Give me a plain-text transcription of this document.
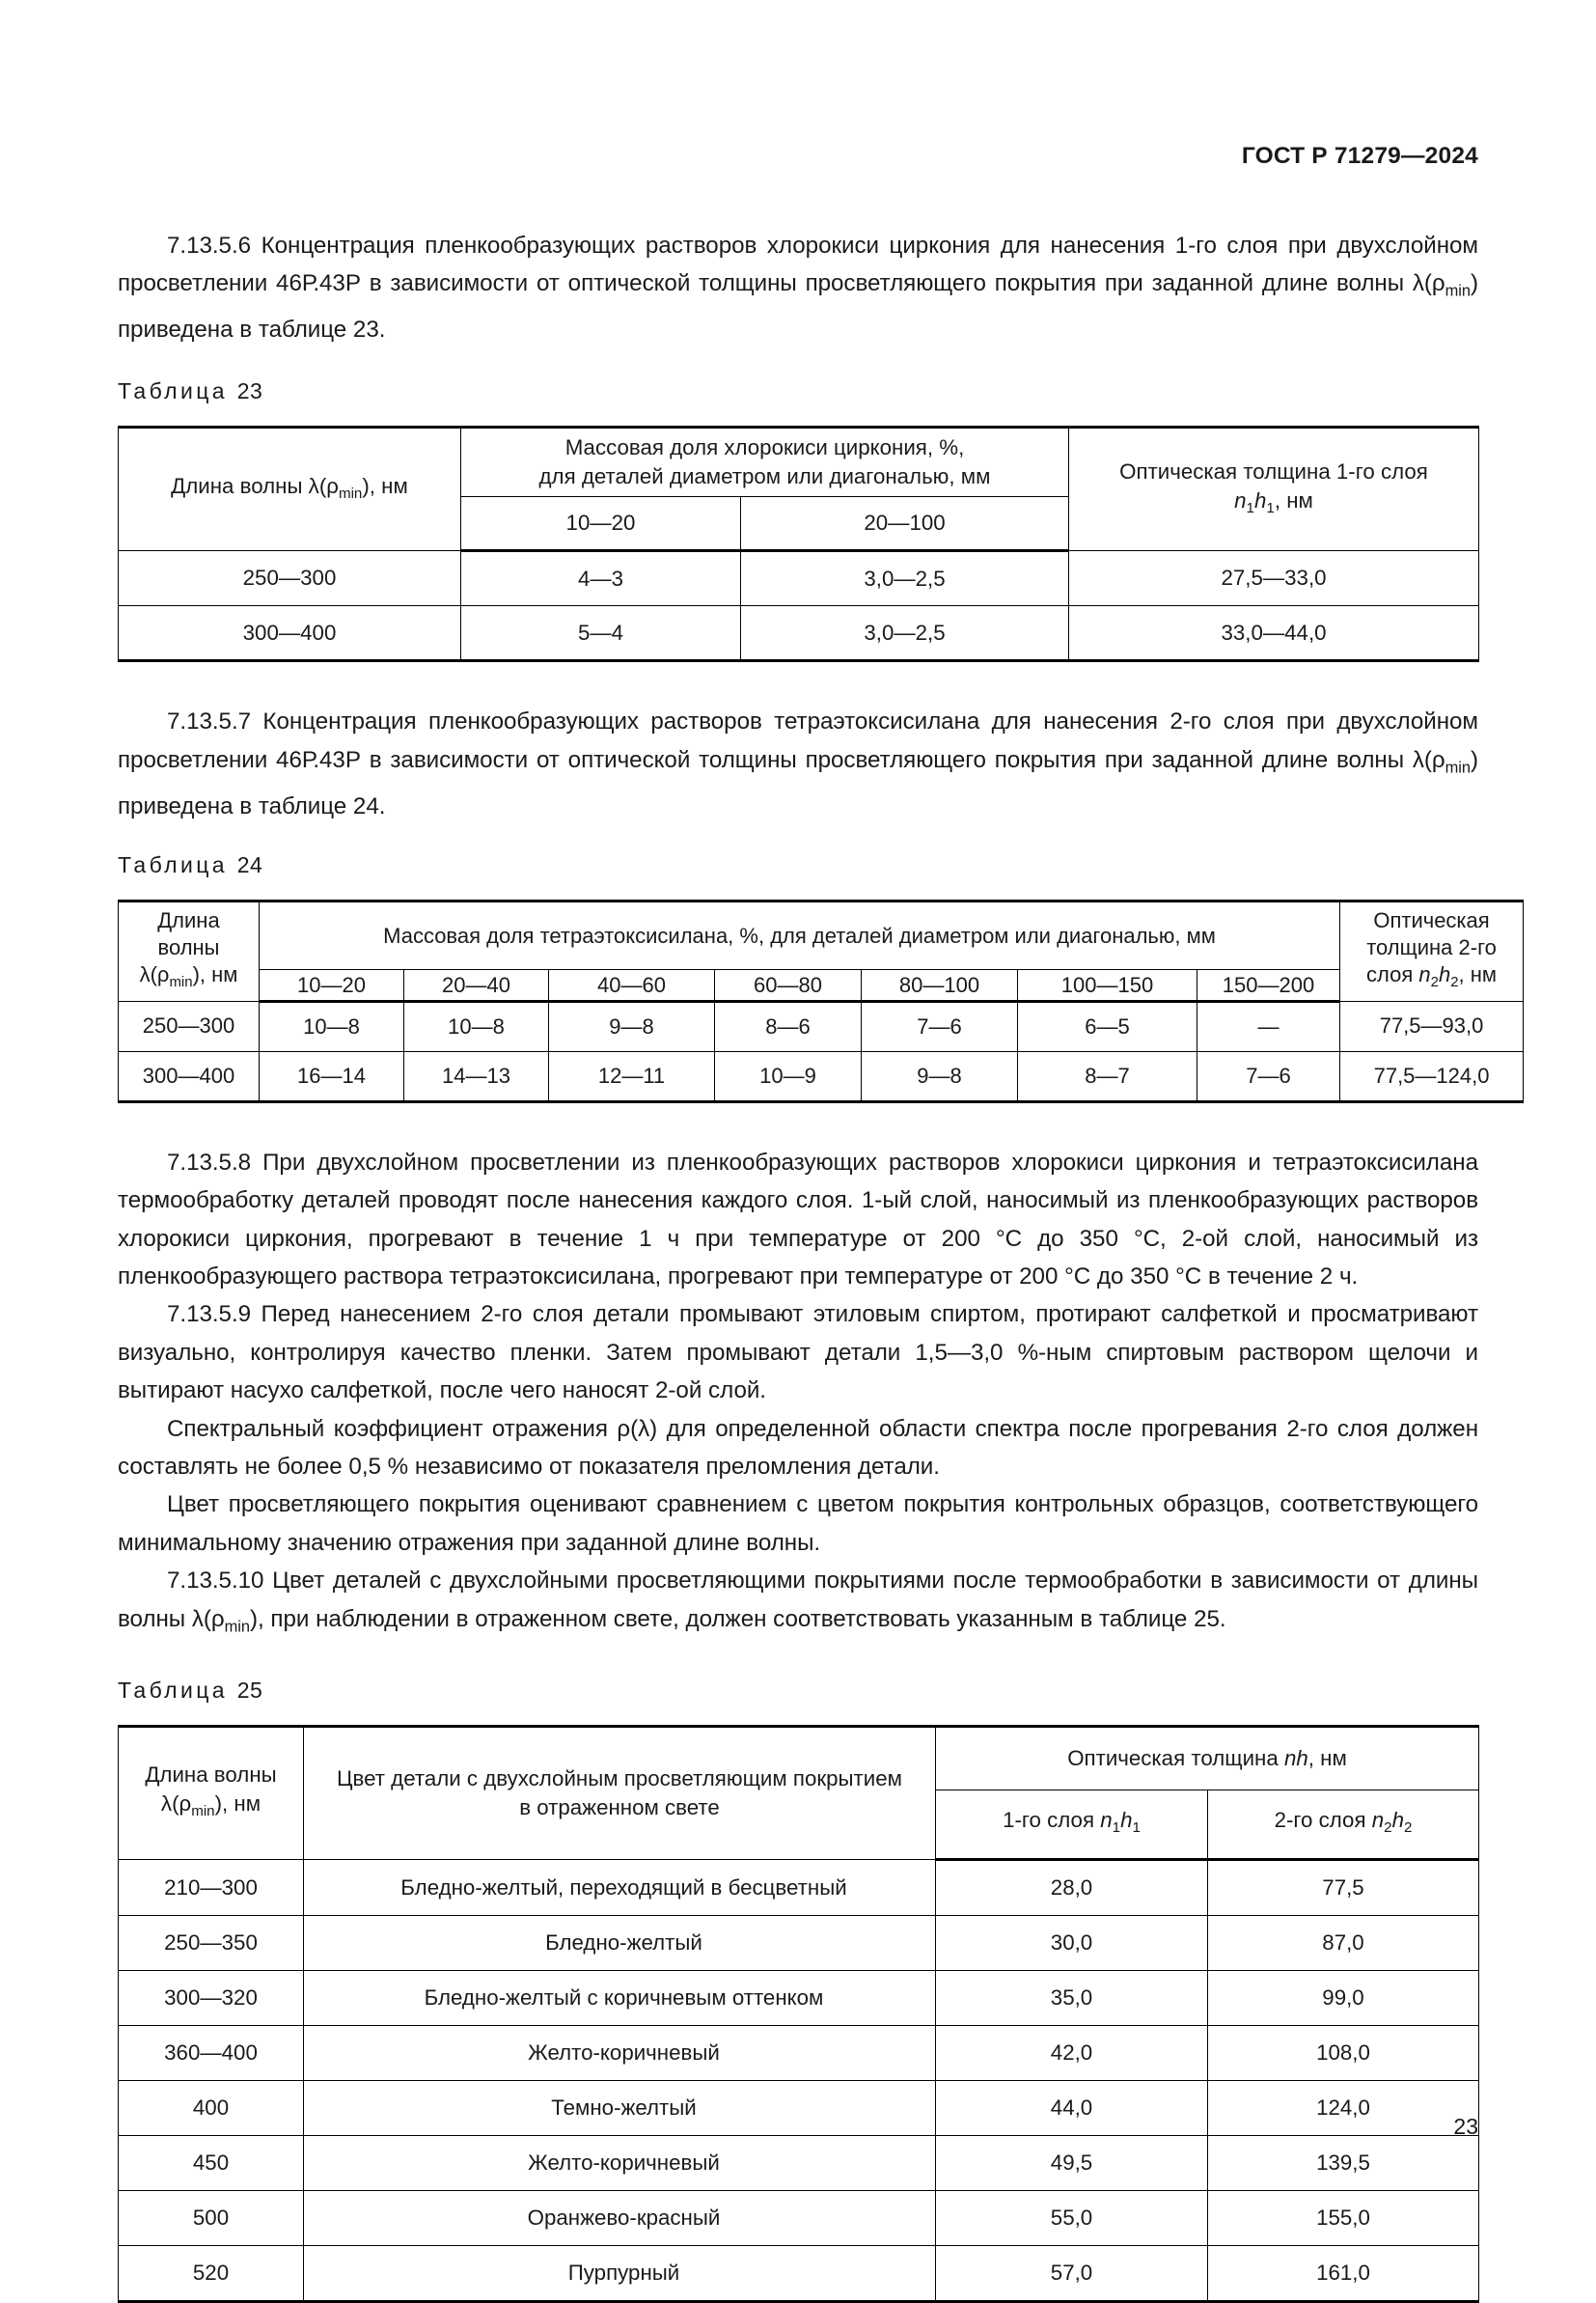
ГОСТ Р 71279—2024

7.13.5.6 Концентрация пленкообразующих растворов хлорокиси циркония для нанесения 1-го слоя при двухслойном просветлении 46Р.43Р в зависимости от оптической толщины просветляющего покрытия при заданной длине волны $\lambda(\rho_{min})$ приведена в таблице 23.

Таблица 23

Длина волны $\lambda(\rho_{min})$, нм	Массовая доля хлорокиси циркония, %,
для деталей диаметром или диагональю, мм		Оптическая толщина 1-го слоя
$n_1h_1$, нм

	10—20	20—100	

250—300	4—3	3,0—2,5	27,5—33,0
300—400	5—4	3,0—2,5	33,0—44,0

7.13.5.7 Концентрация пленкообразующих растворов тетраэтоксисилана для нанесения 2-го слоя при двухслойном просветлении 46Р.43Р в зависимости от оптической толщины просветляющего покрытия при заданной длине волны $\lambda(\rho_{min})$ приведена в таблице 24.

Таблица 24

Длина
волны
$\lambda(\rho_{min})$, нм	Массовая доля тетраэтоксисилана, %, для деталей диаметром или диагональю, мм							Оптическая
толщина 2-го
слоя $n_2h_2$, нм

	10—20	20—40	40—60	60—80	80—100	100—150	150—200	
250—300	10—8	10—8	9—8	8—6	7—6	6—5	—	77,5—93,0
300—400	16—14	14—13	12—11	10—9	9—8	8—7	7—6	77,5—124,0

7.13.5.8 При двухслойном просветлении из пленкообразующих растворов хлорокиси циркония и тетраэтоксисилана термообработку деталей проводят после нанесения каждого слоя. 1-ый слой, наносимый из пленкообразующих растворов хлорокиси циркония, прогревают в течение 1 ч при температуре от 200 °C до 350 °C, 2-ой слой, наносимый из пленкообразующего раствора тетраэтоксисилана, прогревают при температуре от 200 °C до 350 °C в течение 2 ч.

7.13.5.9 Перед нанесением 2-го слоя детали промывают этиловым спиртом, протирают салфеткой и просматривают визуально, контролируя качество пленки. Затем промывают детали 1,5—3,0 %-ным спиртовым раствором щелочи и вытирают насухо салфеткой, после чего наносят 2-ой слой.

Спектральный коэффициент отражения ρ(λ) для определенной области спектра после прогревания 2-го слоя должен составлять не более 0,5 % независимо от показателя преломления детали.

Цвет просветляющего покрытия оценивают сравнением с цветом покрытия контрольных образцов, соответствующего минимальному значению отражения при заданной длине волны.

7.13.5.10 Цвет деталей с двухслойными просветляющими покрытиями после термообработки в зависимости от длины волны $\lambda(\rho_{min})$, при наблюдении в отраженном свете, должен соответствовать указанным в таблице 25.

Таблица 25

Длина волны
$\lambda(\rho_{min})$, нм	Цвет детали с двухслойным просветляющим покрытием
в отраженном свете	Оптическая толщина nh, нм	

		1-го слоя $n_1h_1$	2-го слоя $n_2h_2$

210—300	Бледно-желтый, переходящий в бесцветный	28,0	77,5
250—350	Бледно-желтый	30,0	87,0
300—320	Бледно-желтый с коричневым оттенком	35,0	99,0
360—400	Желто-коричневый	42,0	108,0
400	Темно-желтый	44,0	124,0
450	Желто-коричневый	49,5	139,5
500	Оранжево-красный	55,0	155,0
520	Пурпурный	57,0	161,0
23
